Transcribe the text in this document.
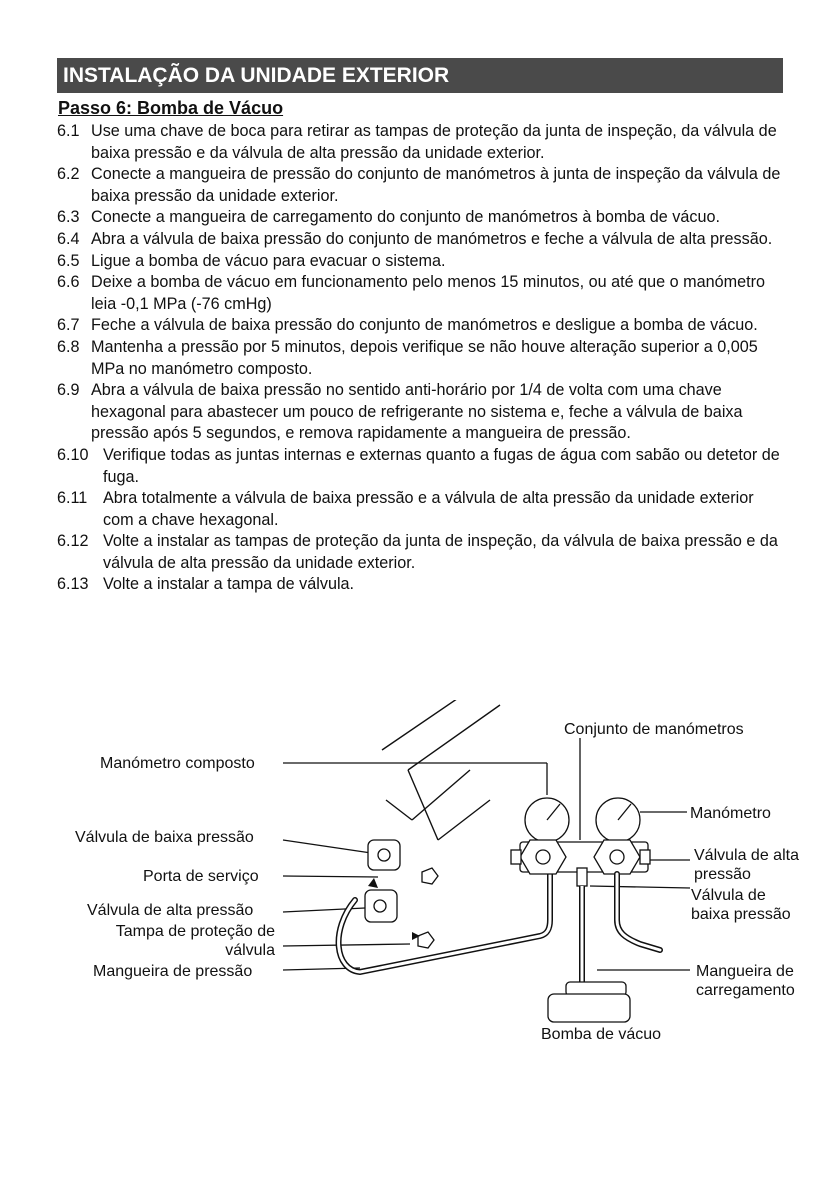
INSTALAÇÃO DA UNIDADE EXTERIOR
Passo 6: Bomba de Vácuo
6.1 Use uma chave de boca para retirar as tampas de proteção da junta de inspeção, da válvula de baixa pressão e da válvula de alta pressão da unidade exterior.
6.2 Conecte a mangueira de pressão do conjunto de manómetros à junta de inspeção da válvula de baixa pressão da unidade exterior.
6.3 Conecte a mangueira de carregamento do conjunto de manómetros à bomba de vácuo.
6.4 Abra a válvula de baixa pressão do conjunto de manómetros e feche a válvula de alta pressão.
6.5 Ligue a bomba de vácuo para evacuar o sistema.
6.6 Deixe a bomba de vácuo em funcionamento pelo menos 15 minutos, ou até que o manómetro leia -0,1 MPa (-76 cmHg)
6.7 Feche a válvula de baixa pressão do conjunto de manómetros e desligue a bomba de vácuo.
6.8 Mantenha a pressão por 5 minutos, depois verifique se não houve alteração superior a 0,005 MPa no manómetro composto.
6.9 Abra a válvula de baixa pressão no sentido anti-horário por 1/4 de volta com uma chave hexagonal para abastecer um pouco de refrigerante no sistema e, feche a válvula de baixa pressão após 5 segundos, e remova rapidamente a mangueira de pressão.
6.10 Verifique todas as juntas internas e externas quanto a fugas de água com sabão ou detetor de fuga.
6.11 Abra totalmente a válvula de baixa pressão e a válvula de alta pressão da unidade exterior com a chave hexagonal.
6.12 Volte a instalar as tampas de proteção da junta de inspeção, da válvula de baixa pressão e da válvula de alta pressão da unidade exterior.
6.13 Volte a instalar a tampa de válvula.
Conjunto de manómetros
Manómetro composto
Manómetro
Válvula de baixa pressão
Porta de serviço
Válvula de alta pressão
Tampa de proteção de
válvula
Mangueira de pressão
Válvula de alta
pressão
Válvula de
baixa pressão
Mangueira de
carregamento
Bomba de vácuo
